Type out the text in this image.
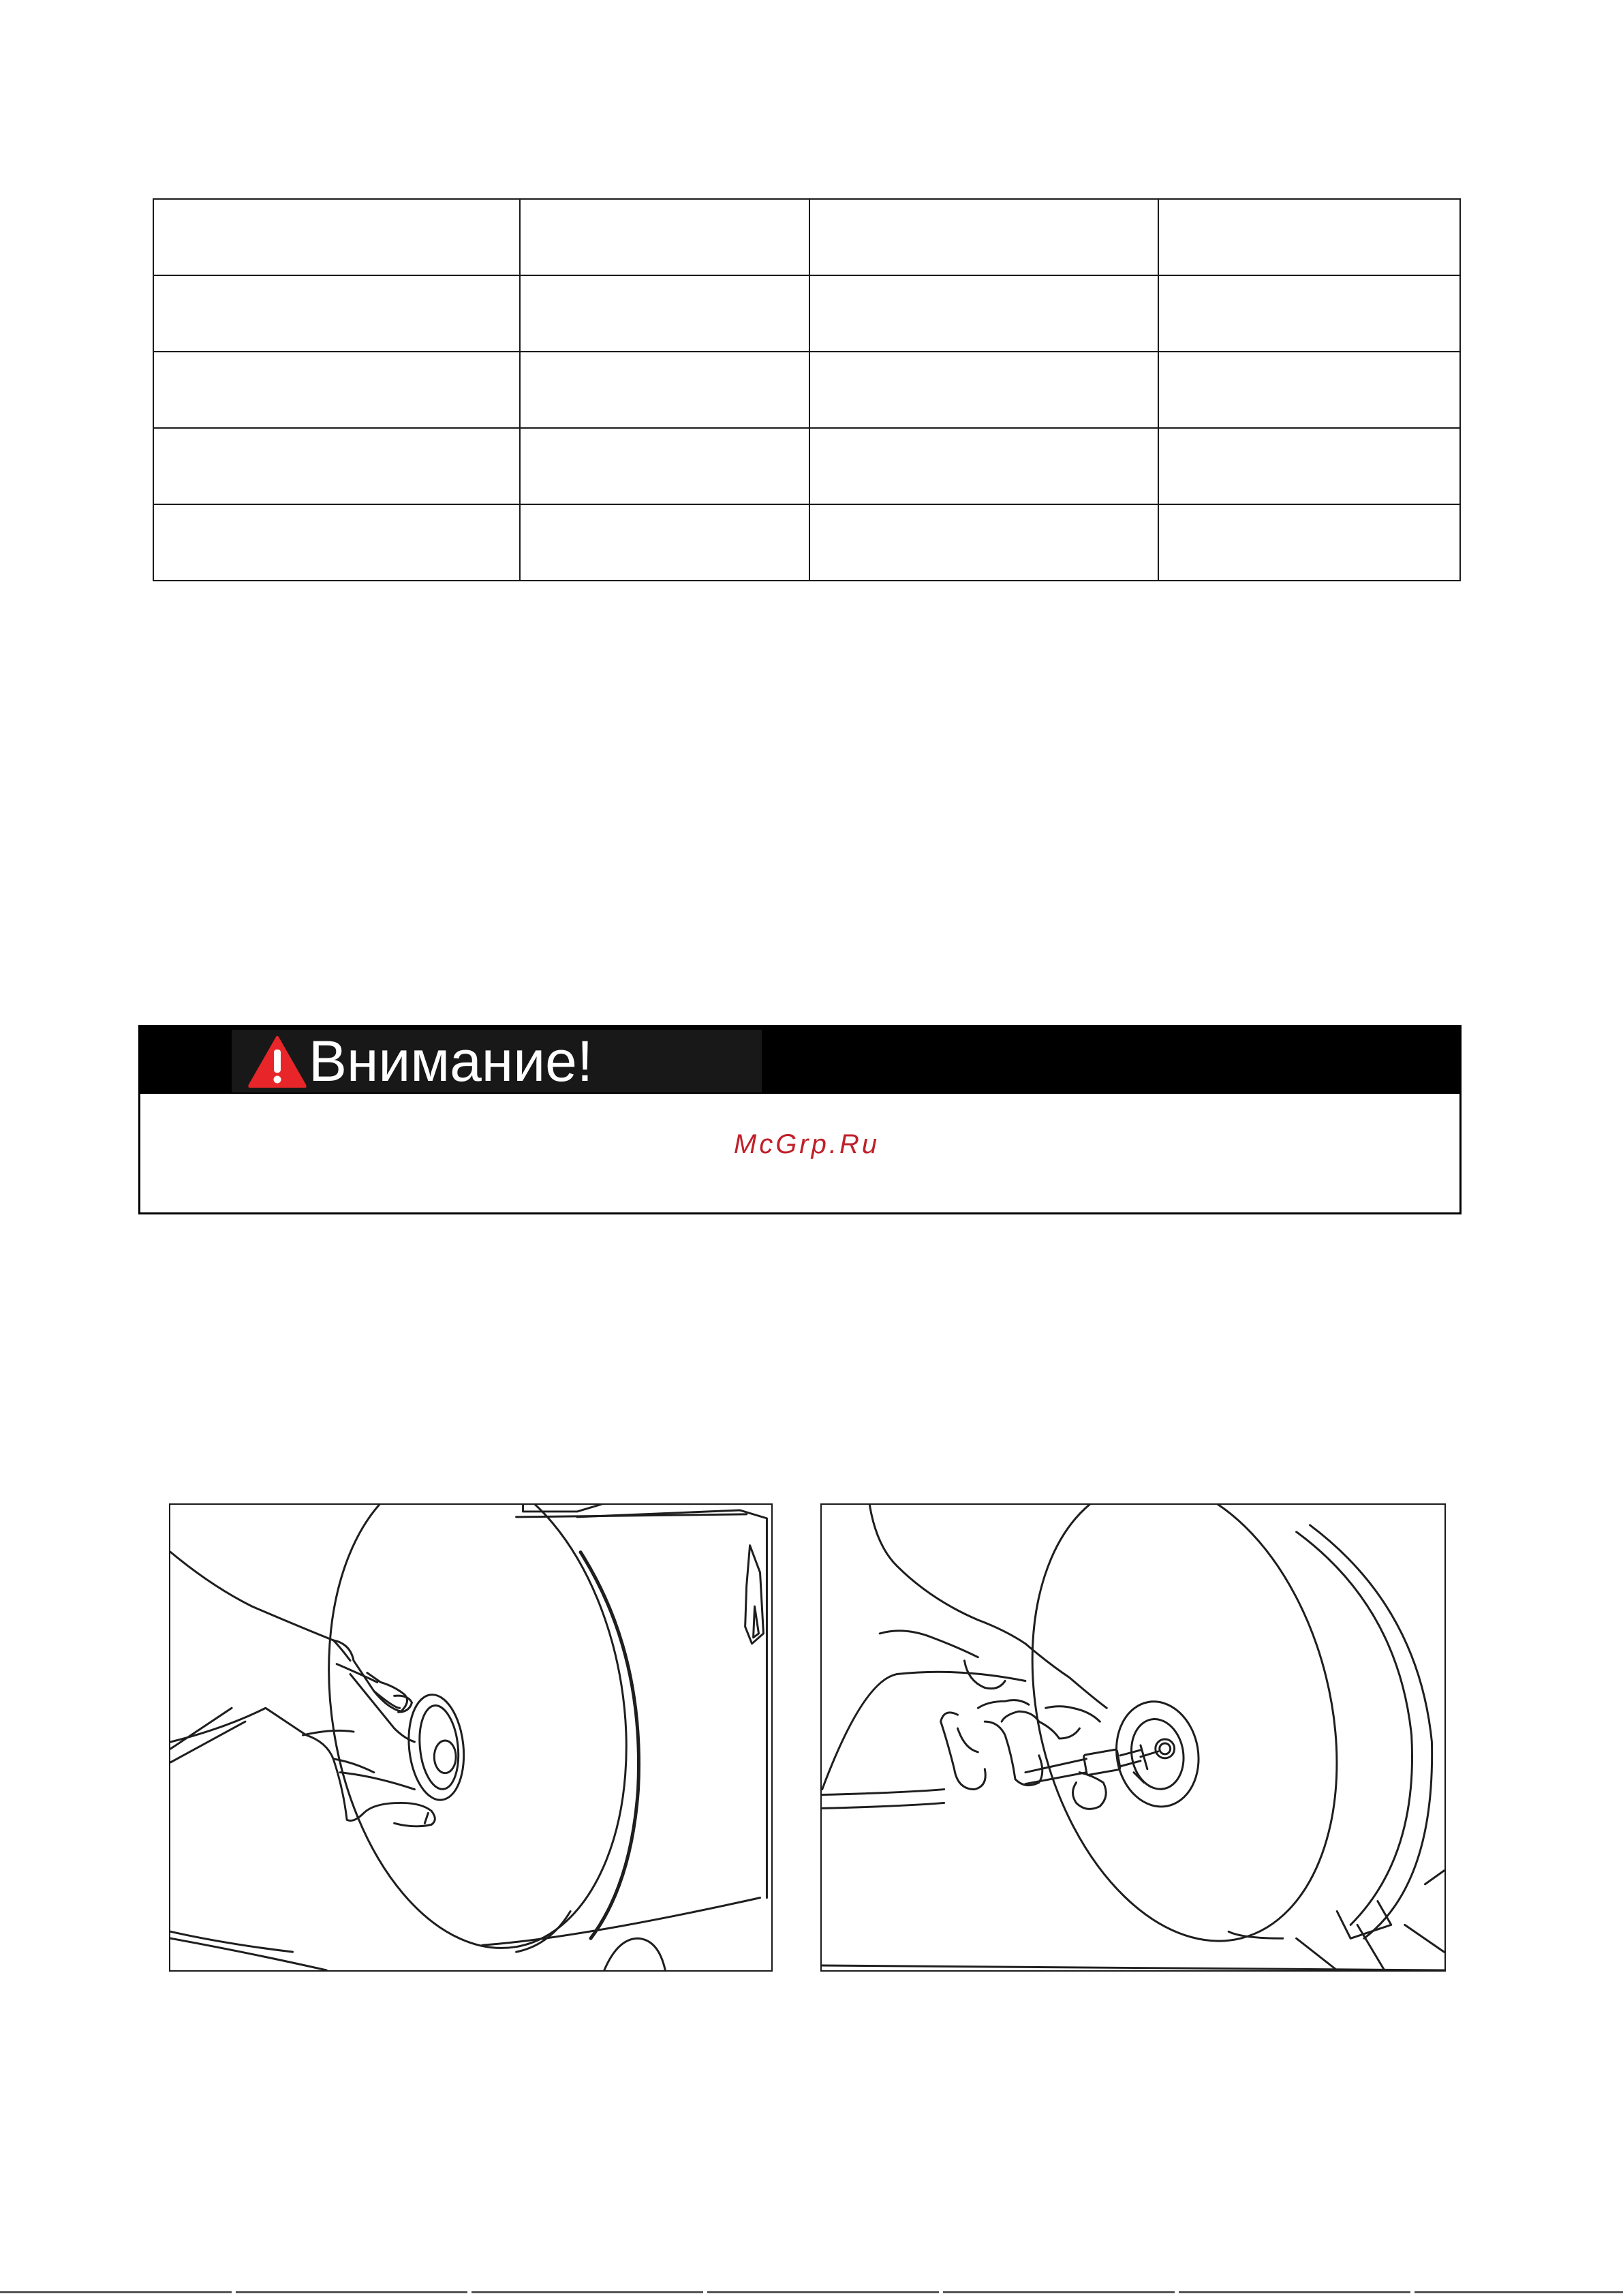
Внимание!
McGrp.Ru
